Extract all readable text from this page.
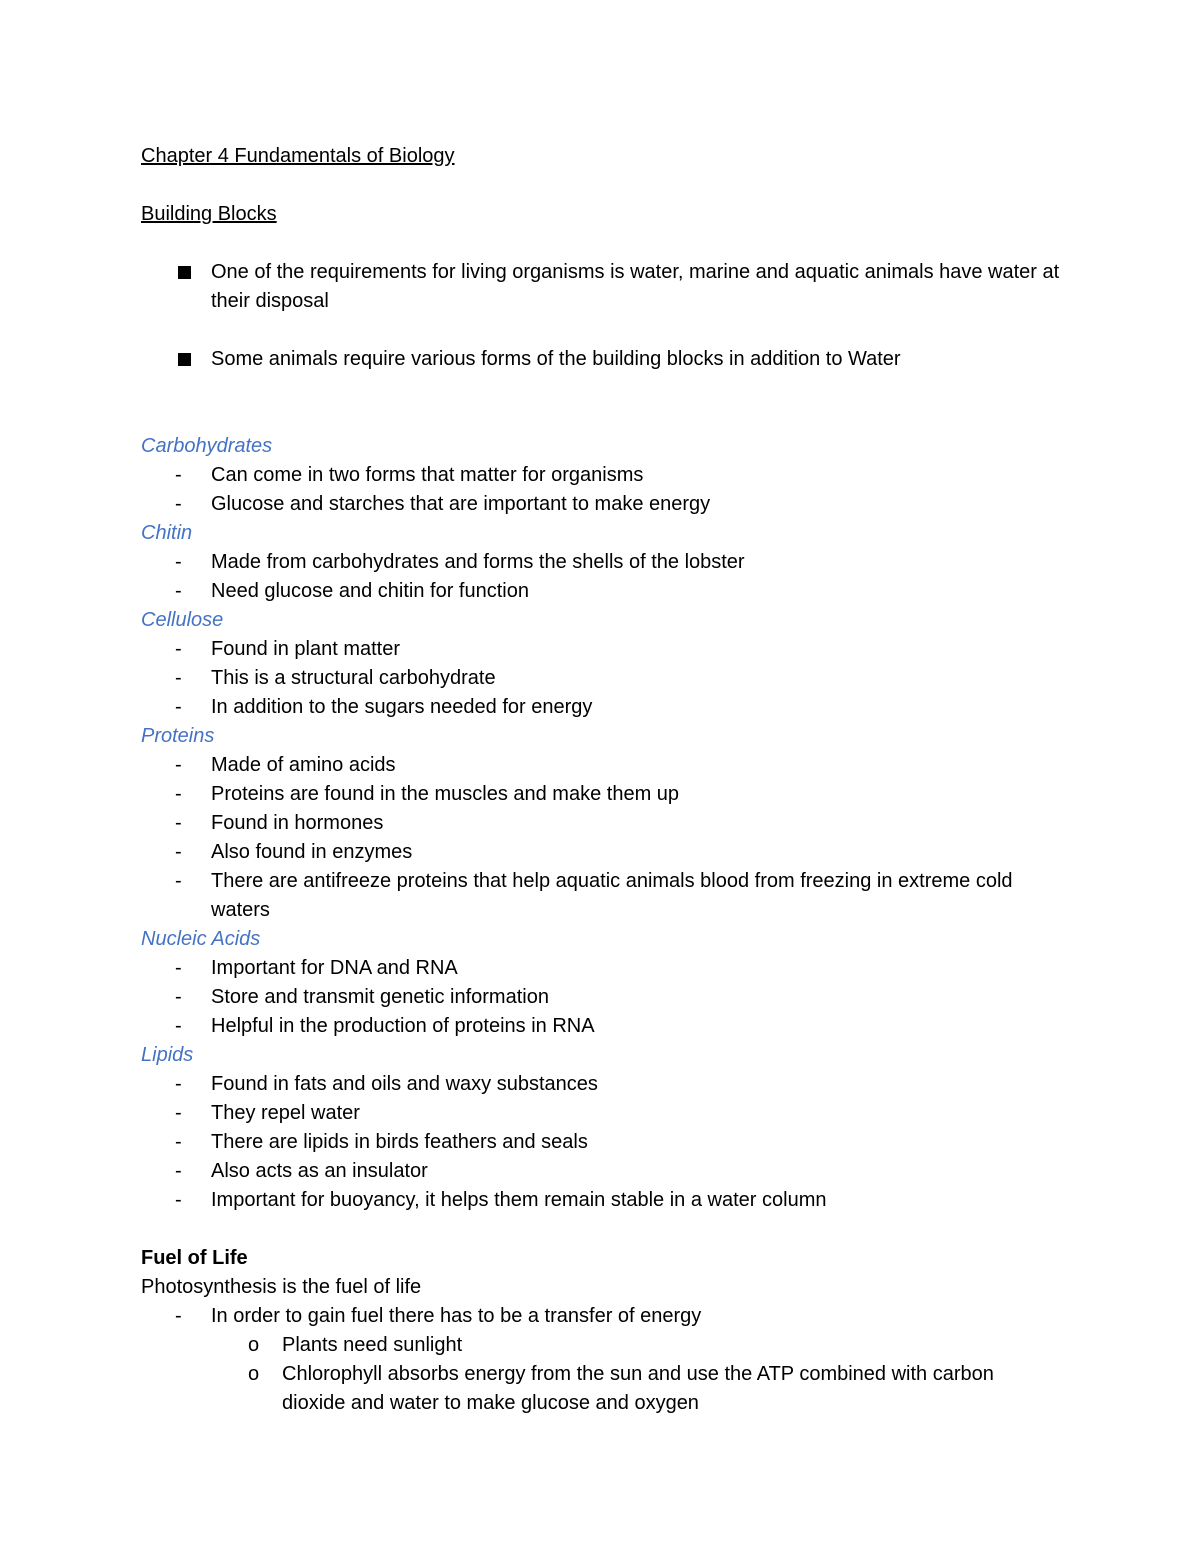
Chapter 4 Fundamentals of Biology
Building Blocks
One of the requirements for living organisms is water, marine and aquatic animals have water at their disposal
Some animals require various forms of the building blocks in addition to Water
Carbohydrates
- Can come in two forms that matter for organisms
- Glucose and starches that are important to make energy
Chitin
- Made from carbohydrates and forms the shells of the lobster
- Need glucose and chitin for function
Cellulose
- Found in plant matter
- This is a structural carbohydrate
- In addition to the sugars needed for energy
Proteins
- Made of amino acids
- Proteins are found in the muscles and make them up
- Found in hormones
- Also found in enzymes
- There are antifreeze proteins that help aquatic animals blood from freezing in extreme cold waters
Nucleic Acids
- Important for DNA and RNA
- Store and transmit genetic information
- Helpful in the production of proteins in RNA
Lipids
- Found in fats and oils and waxy substances
- They repel water
- There are lipids in birds feathers and seals
- Also acts as an insulator
- Important for buoyancy, it helps them remain stable in a water column
Fuel of Life
Photosynthesis is the fuel of life
- In order to gain fuel there has to be a transfer of energy
o Plants need sunlight
o Chlorophyll absorbs energy from the sun and use the ATP combined with carbon dioxide and water to make glucose and oxygen
